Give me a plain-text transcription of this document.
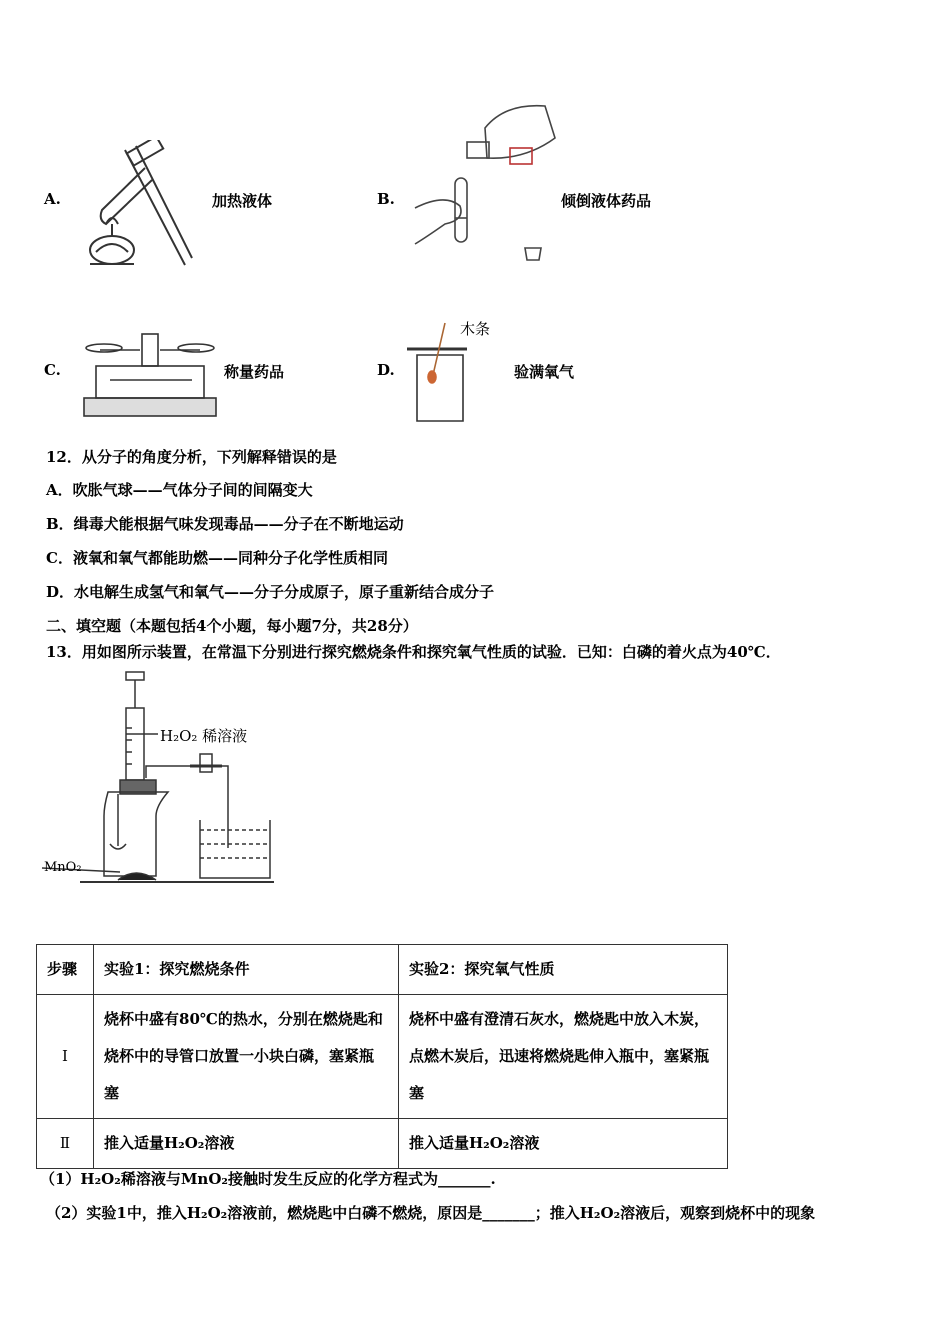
A.	加热液体	B.	倾倒液体药品
C.	称量药品	D.
木条
验满氧气
12．从分子的角度分析，下列解释错误的是
A．吹胀气球——气体分子间的间隔变大
B．缉毒犬能根据气味发现毒品——分子在不断地运动
C．液氧和氧气都能助燃——同种分子化学性质相同
D．水电解生成氢气和氧气——分子分成原子，原子重新结合成分子
二、填空题（本题包括4个小题，每小题7分，共28分）
13．用如图所示装置，在常温下分别进行探究燃烧条件和探究氧气性质的试验．已知：白磷的着火点为40℃．
H₂O₂ 稀溶液
MnO₂
步骤	实验1：探究燃烧条件	实验2：探究氧气性质
Ⅰ	烧杯中盛有80℃的热水，分别在燃烧匙和烧杯中的导管口放置一小块白磷，塞紧瓶塞	烧杯中盛有澄清石灰水，燃烧匙中放入木炭，点燃木炭后，迅速将燃烧匙伸入瓶中，塞紧瓶塞
Ⅱ	推入适量H₂O₂溶液	推入适量H₂O₂溶液
（1）H₂O₂稀溶液与MnO₂接触时发生反应的化学方程式为_______.
（2）实验1中，推入H₂O₂溶液前，燃烧匙中白磷不燃烧，原因是_______；推入H₂O₂溶液后，观察到烧杯中的现象
